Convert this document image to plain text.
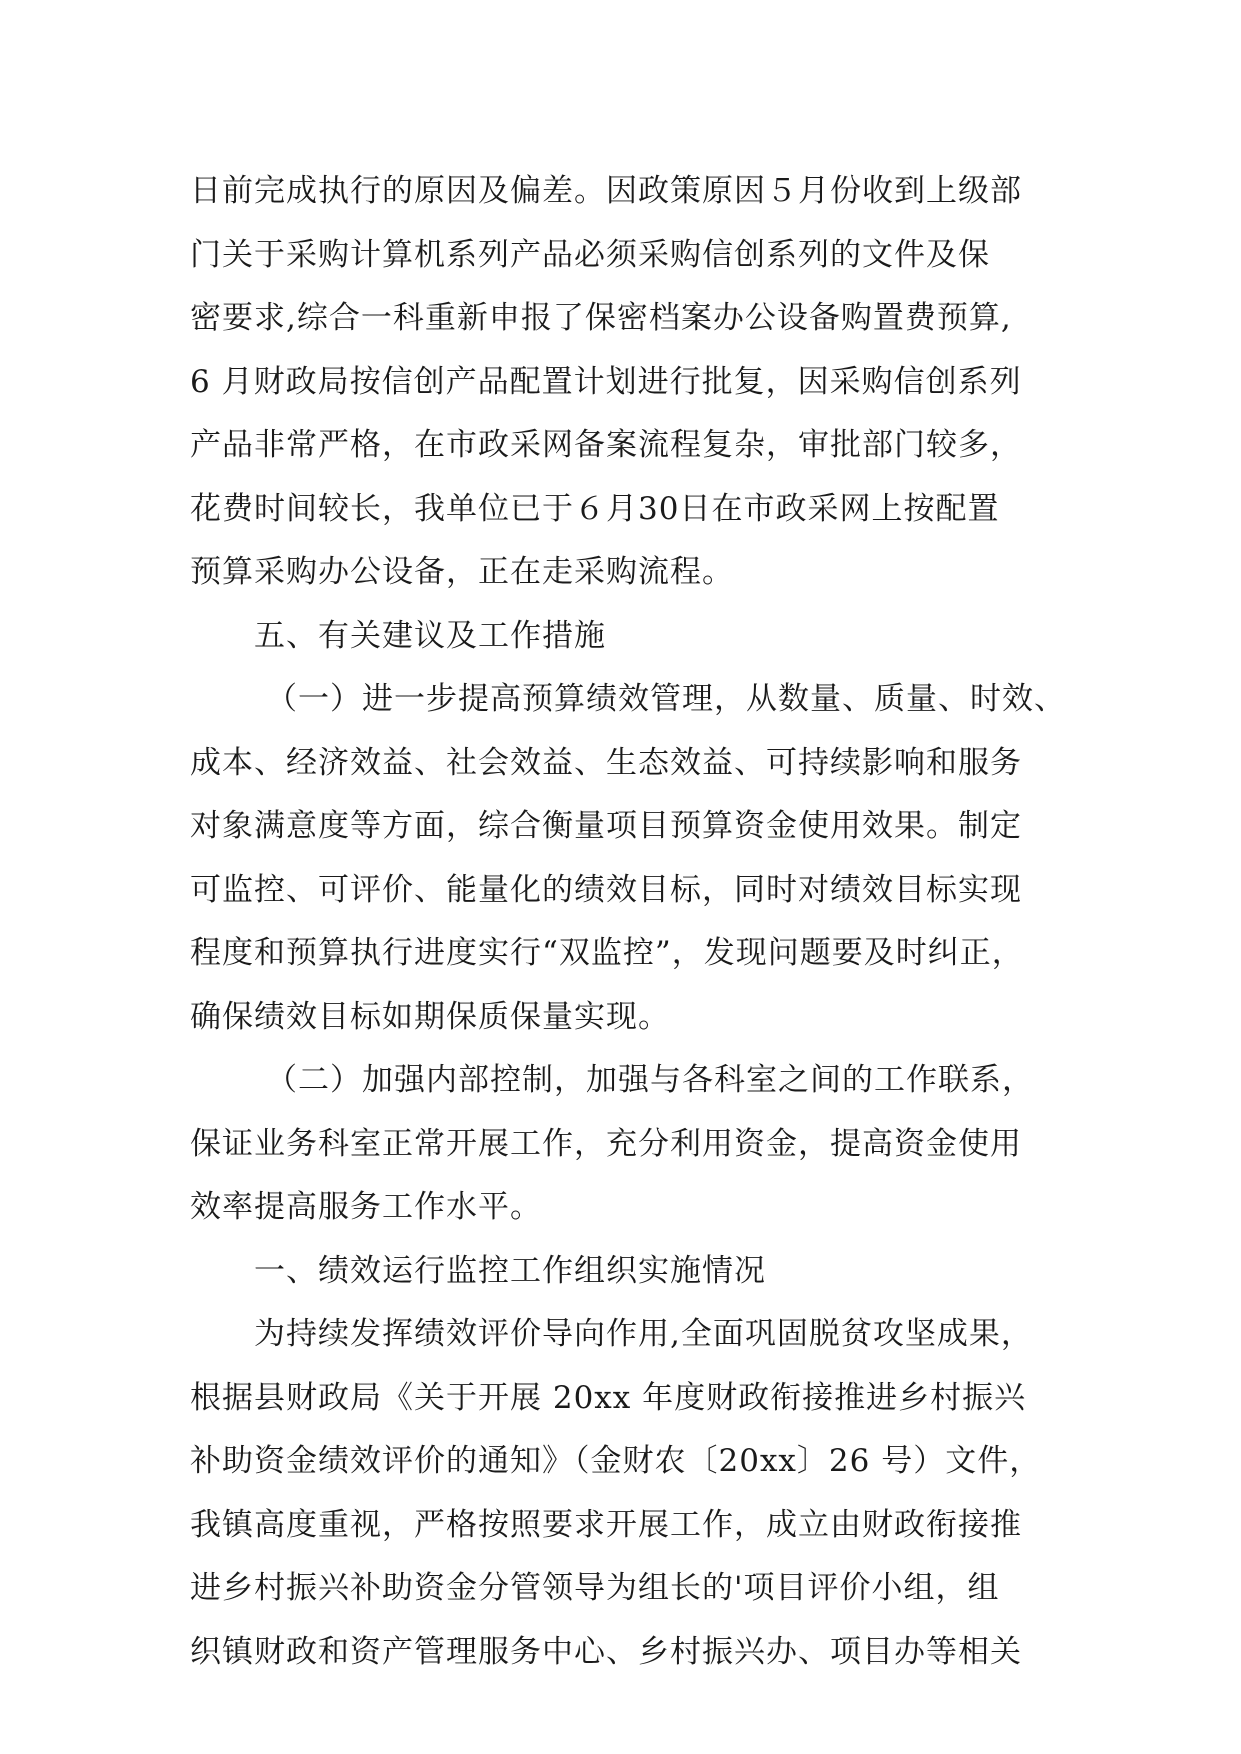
日前完成执行的原因及偏差。因政策原因５月份收到上级部
门关于采购计算机系列产品必须采购信创系列的文件及保
密要求,综合一科重新申报了保密档案办公设备购置费预算,
6 月财政局按信创产品配置计划进行批复，因采购信创系列
产品非常严格，在市政采网备案流程复杂，审批部门较多，
花费时间较长，我单位已于６月30日在市政采网上按配置
预算采购办公设备，正在走采购流程。
五、有关建议及工作措施
（一）进一步提高预算绩效管理，从数量、质量、时效、
成本、经济效益、社会效益、生态效益、可持续影响和服务
对象满意度等方面，综合衡量项目预算资金使用效果。制定
可监控、可评价、能量化的绩效目标，同时对绩效目标实现
程度和预算执行进度实行“双监控”，发现问题要及时纠正，
确保绩效目标如期保质保量实现。
（二）加强内部控制，加强与各科室之间的工作联系，
保证业务科室正常开展工作，充分利用资金，提高资金使用
效率提高服务工作水平。
一、绩效运行监控工作组织实施情况
为持续发挥绩效评价导向作用,全面巩固脱贫攻坚成果，
根据县财政局《关于开展 20xx 年度财政衔接推进乡村振兴
补助资金绩效评价的通知》（金财农〔20xx〕26 号）文件，
我镇高度重视，严格按照要求开展工作，成立由财政衔接推
进乡村振兴补助资金分管领导为组长的'项目评价小组，组
织镇财政和资产管理服务中心、乡村振兴办、项目办等相关
